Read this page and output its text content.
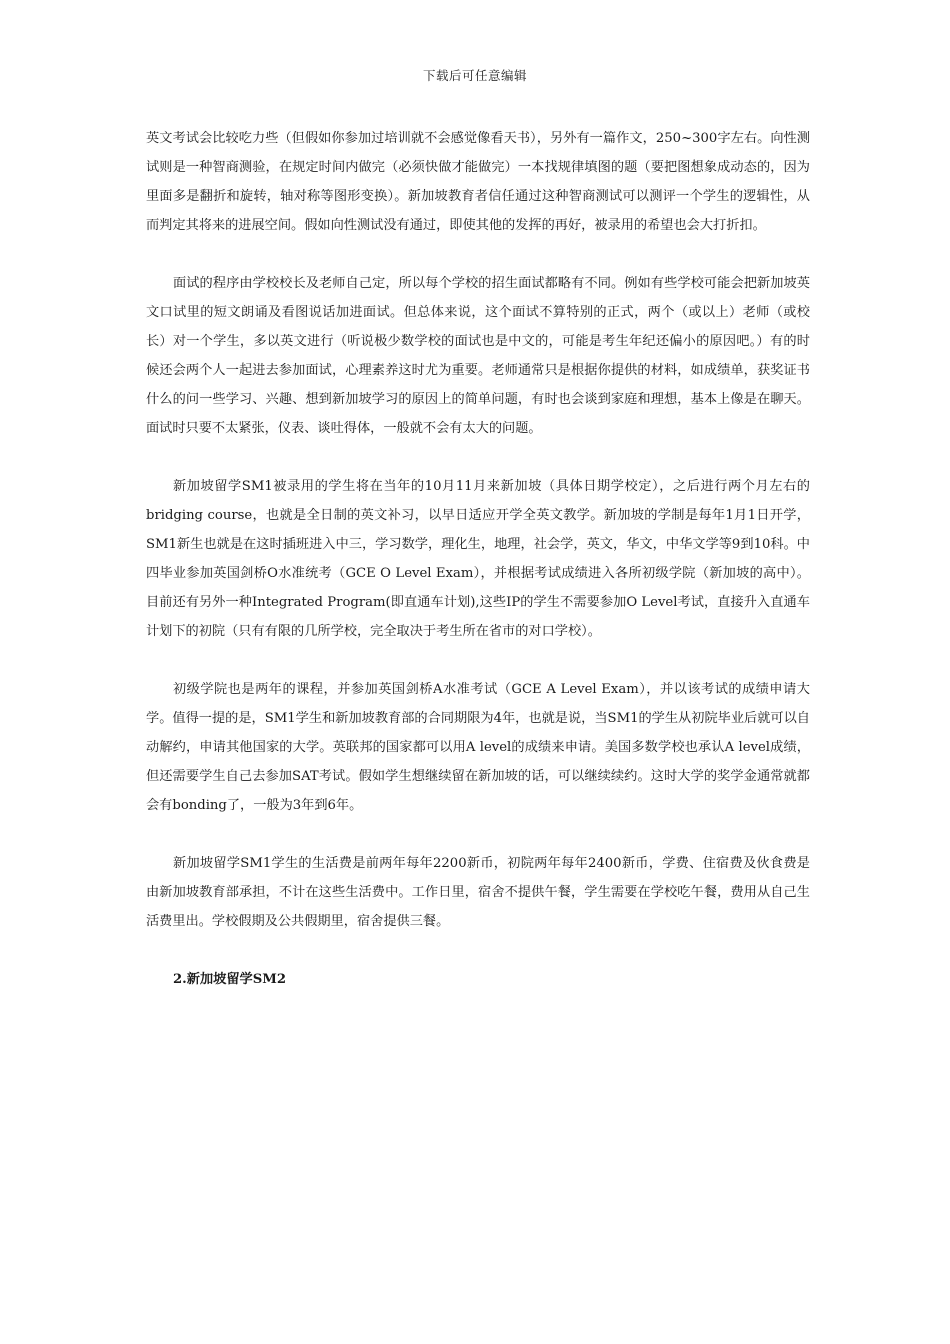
下载后可任意编辑

英文考试会比较吃力些（但假如你参加过培训就不会感觉像看天书），另外有一篇作文，250~300字左右。向性测试则是一种智商测验，在规定时间内做完（必须快做才能做完）一本找规律填图的题（要把图想象成动态的，因为里面多是翻折和旋转，轴对称等图形变换）。新加坡教育者信任通过这种智商测试可以测评一个学生的逻辑性，从而判定其将来的进展空间。假如向性测试没有通过，即使其他的发挥的再好，被录用的希望也会大打折扣。

面试的程序由学校校长及老师自己定，所以每个学校的招生面试都略有不同。例如有些学校可能会把新加坡英文口试里的短文朗诵及看图说话加进面试。但总体来说，这个面试不算特别的正式，两个（或以上）老师（或校长）对一个学生，多以英文进行（听说极少数学校的面试也是中文的，可能是考生年纪还偏小的原因吧。）有的时候还会两个人一起进去参加面试，心理素养这时尤为重要。老师通常只是根据你提供的材料，如成绩单，获奖证书什么的问一些学习、兴趣、想到新加坡学习的原因上的简单问题，有时也会谈到家庭和理想，基本上像是在聊天。面试时只要不太紧张，仪表、谈吐得体，一般就不会有太大的问题。

新加坡留学SM1被录用的学生将在当年的10月11月来新加坡（具体日期学校定），之后进行两个月左右的bridging course，也就是全日制的英文补习，以早日适应开学全英文教学。新加坡的学制是每年1月1日开学，SM1新生也就是在这时插班进入中三，学习数学，理化生，地理，社会学，英文，华文，中华文学等9到10科。中四毕业参加英国剑桥O水准统考（GCE O Level Exam），并根据考试成绩进入各所初级学院（新加坡的高中）。目前还有另外一种Integrated Program(即直通车计划),这些IP的学生不需要参加O Level考试，直接升入直通车计划下的初院（只有有限的几所学校，完全取决于考生所在省市的对口学校）。

初级学院也是两年的课程，并参加英国剑桥A水准考试（GCE A Level Exam），并以该考试的成绩申请大学。值得一提的是，SM1学生和新加坡教育部的合同期限为4年，也就是说，当SM1的学生从初院毕业后就可以自动解约，申请其他国家的大学。英联邦的国家都可以用A level的成绩来申请。美国多数学校也承认A level成绩，但还需要学生自己去参加SAT考试。假如学生想继续留在新加坡的话，可以继续续约。这时大学的奖学金通常就都会有bonding了，一般为3年到6年。

新加坡留学SM1学生的生活费是前两年每年2200新币，初院两年每年2400新币，学费、住宿费及伙食费是由新加坡教育部承担，不计在这些生活费中。工作日里，宿舍不提供午餐，学生需要在学校吃午餐，费用从自己生活费里出。学校假期及公共假期里，宿舍提供三餐。

2.新加坡留学SM2
